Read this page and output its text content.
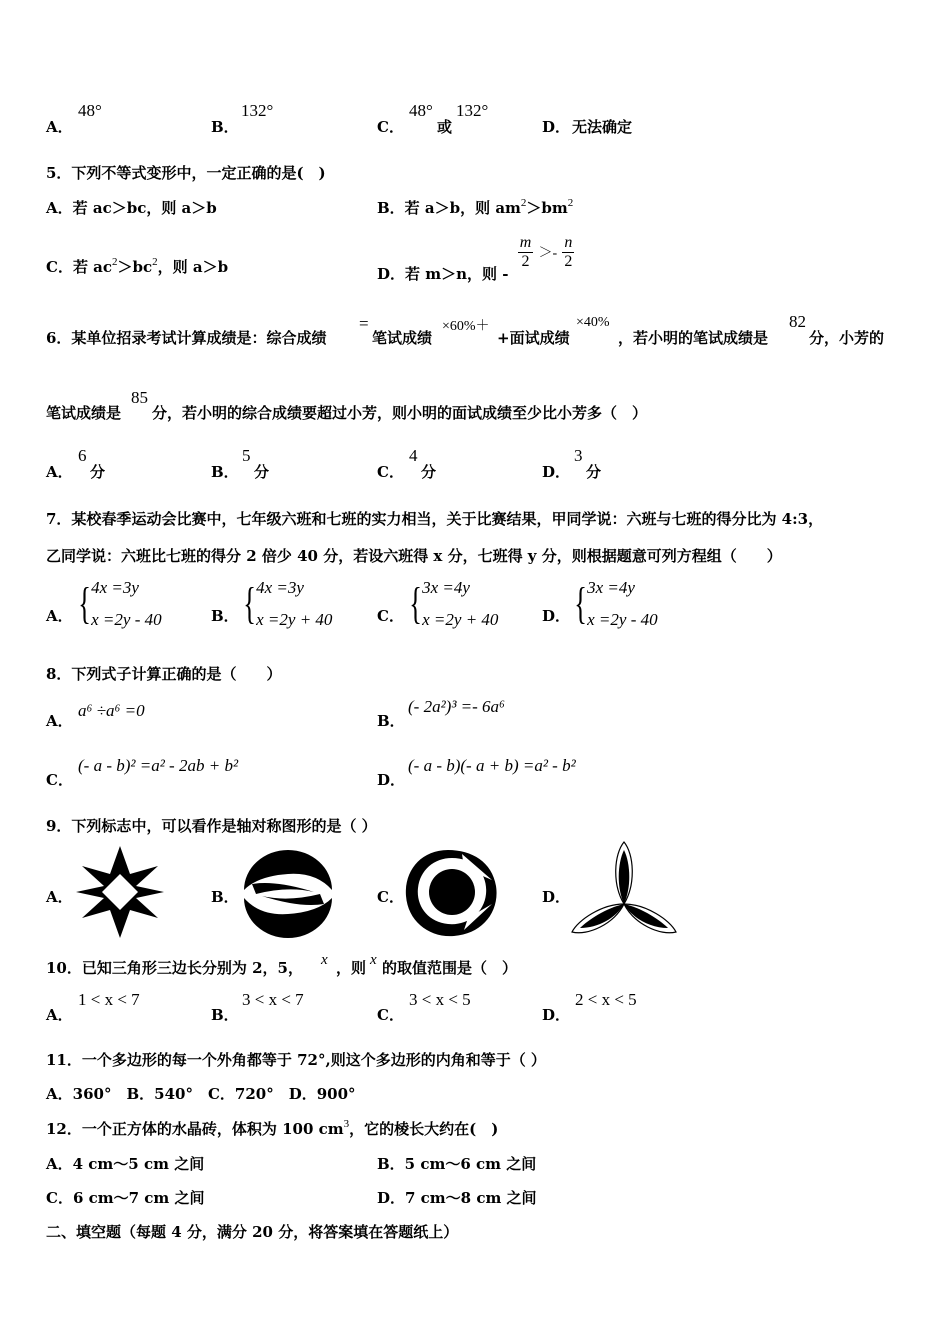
A．
48°
B．
132°
C．
48°
或
132°
D． 无法确定
5．下列不等式变形中，一定正确的是(　)
A．若 ac＞bc，则 a＞b	B．若 a＞b，则 $am^2>bm^2$
C．若 $ac^2>bc^2$，则 a＞b	D．若 m＞n，则 -
$\frac{m}{2} >- \frac{n}{2}$
6．某单位招录考试计算成绩是：综合成绩
=
笔试成绩
×60%＋
+面试成绩
×40%
，若小明的笔试成绩是
82
分，小芳的
笔试成绩是
85
分，若小明的综合成绩要超过小芳，则小明的面试成绩至少比小芳多（　）
A．
6
分	B．
5
分	C．
4
分	D．
3
分
7．某校春季运动会比赛中，七年级六班和七班的实力相当，关于比赛结果，甲同学说：六班与七班的得分比为 4:3，
乙同学说：六班比七班的得分 2 倍少 40 分，若设六班得 x 分，七班得 y 分，则根据题意可列方程组（　　）
A． { 4x =3y
x =2y - 40	B． { 4x =3y
x =2y + 40	C． { 3x =4y
x =2y + 40	D． { 3x =4y
x =2y - 40
8．下列式子计算正确的是（　　）
A．
a⁶ ÷a⁶ =0
B．
(- 2a²)³ =- 6a⁶
C．
(- a - b)² =a² - 2ab + b²
D．
(- a - b)(- a + b) =a² - b²
9．下列标志中，可以看作是轴对称图形的是（ ）
A．	B．	C．	D．
10．已知三角形三边长分别为 2，5， x ，则 x 的取值范围是（　）
A．
1 < x < 7
B．
3 < x < 7
C．
3 < x < 5
D．
2 < x < 5
11．一个多边形的每一个外角都等于 72°,则这个多边形的内角和等于（ ）
A．360°　B．540°　C．720°　D．900°
12．一个正方体的水晶砖，体积为 100 $cm^3$，它的棱长大约在(　)
A．4 cm～5 cm 之间	B．5 cm～6 cm 之间
C．6 cm～7 cm 之间	D．7 cm～8 cm 之间
二、填空题（每题 4 分，满分 20 分，将答案填在答题纸上）
